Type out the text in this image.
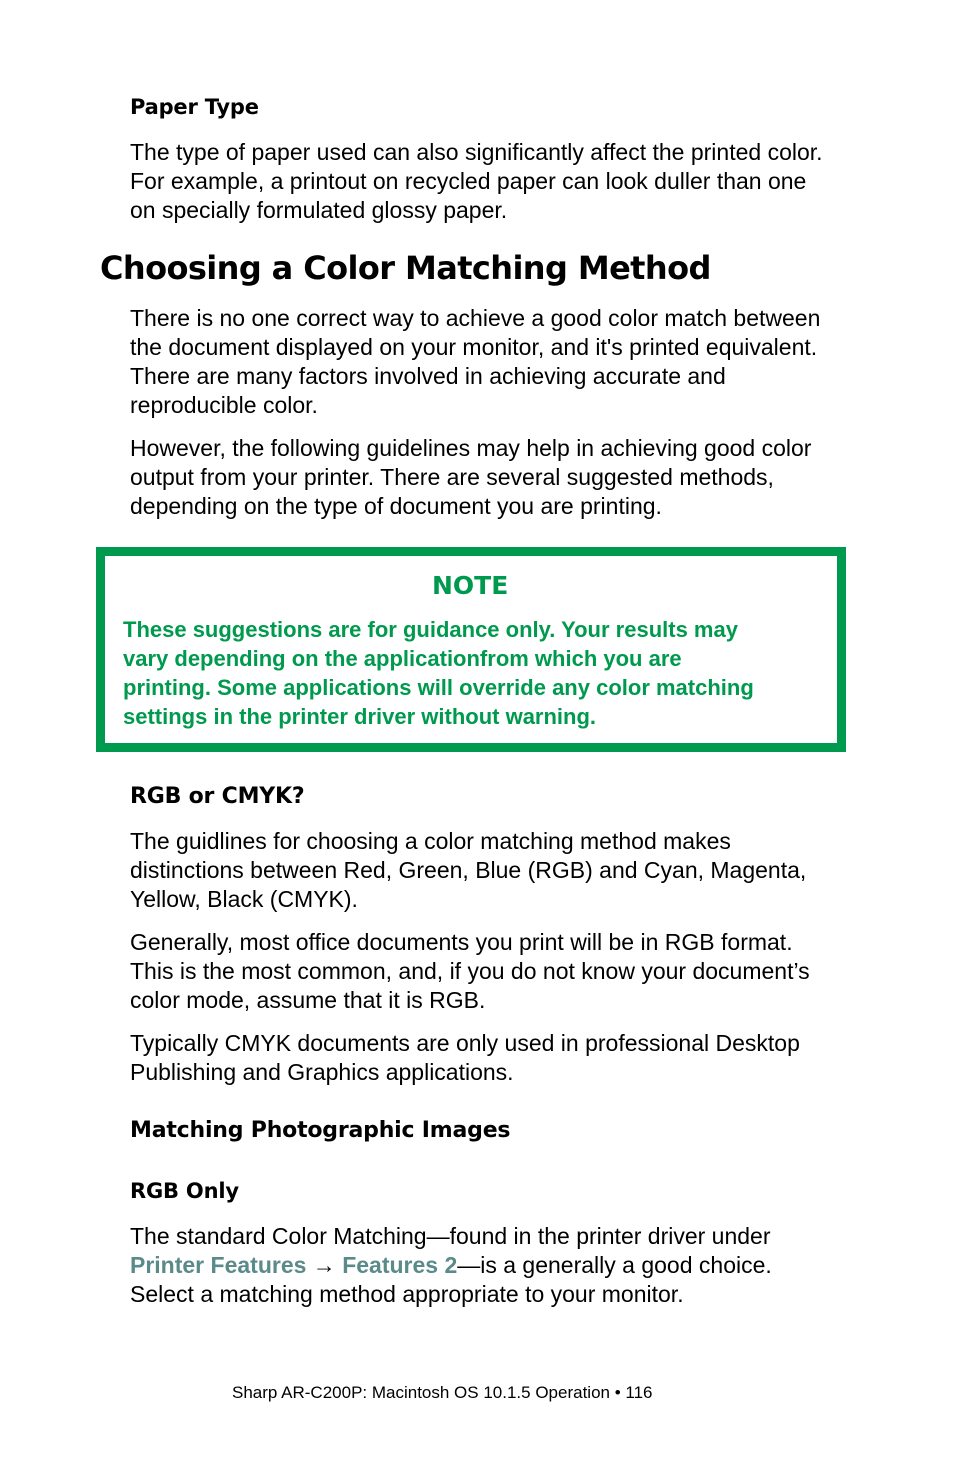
Paper Type

The type of paper used can also significantly affect the printed color.

For example, a printout on recycled paper can look duller than one

on specially formulated glossy paper.

Choosing a Color Matching Method

There is no one correct way to achieve a good color match between

the document displayed on your monitor, and it's printed equivalent.

There are many factors involved in achieving accurate and

reproducible color.

However, the following guidelines may help in achieving good color

output from your printer. There are several suggested methods,

depending on the type of document you are printing.

NOTE

These suggestions are for guidance only. Your results may

vary depending on the applicationfrom which you are

printing. Some applications will override any color matching

settings in the printer driver without warning.

RGB or CMYK?

The guidlines for choosing a color matching method makes

distinctions between Red, Green, Blue (RGB) and Cyan, Magenta,

Yellow, Black (CMYK).

Generally, most office documents you print will be in RGB format.

This is the most common, and, if you do not know your document’s

color mode, assume that it is RGB.

Typically CMYK documents are only used in professional Desktop

Publishing and Graphics applications.

Matching Photographic Images
RGB Only

The standard Color Matching—found in the printer driver under

Printer Features → Features 2—is a generally a good choice.

Select a matching method appropriate to your monitor.

Sharp AR-C200P: Macintosh OS 10.1.5 Operation • 116
